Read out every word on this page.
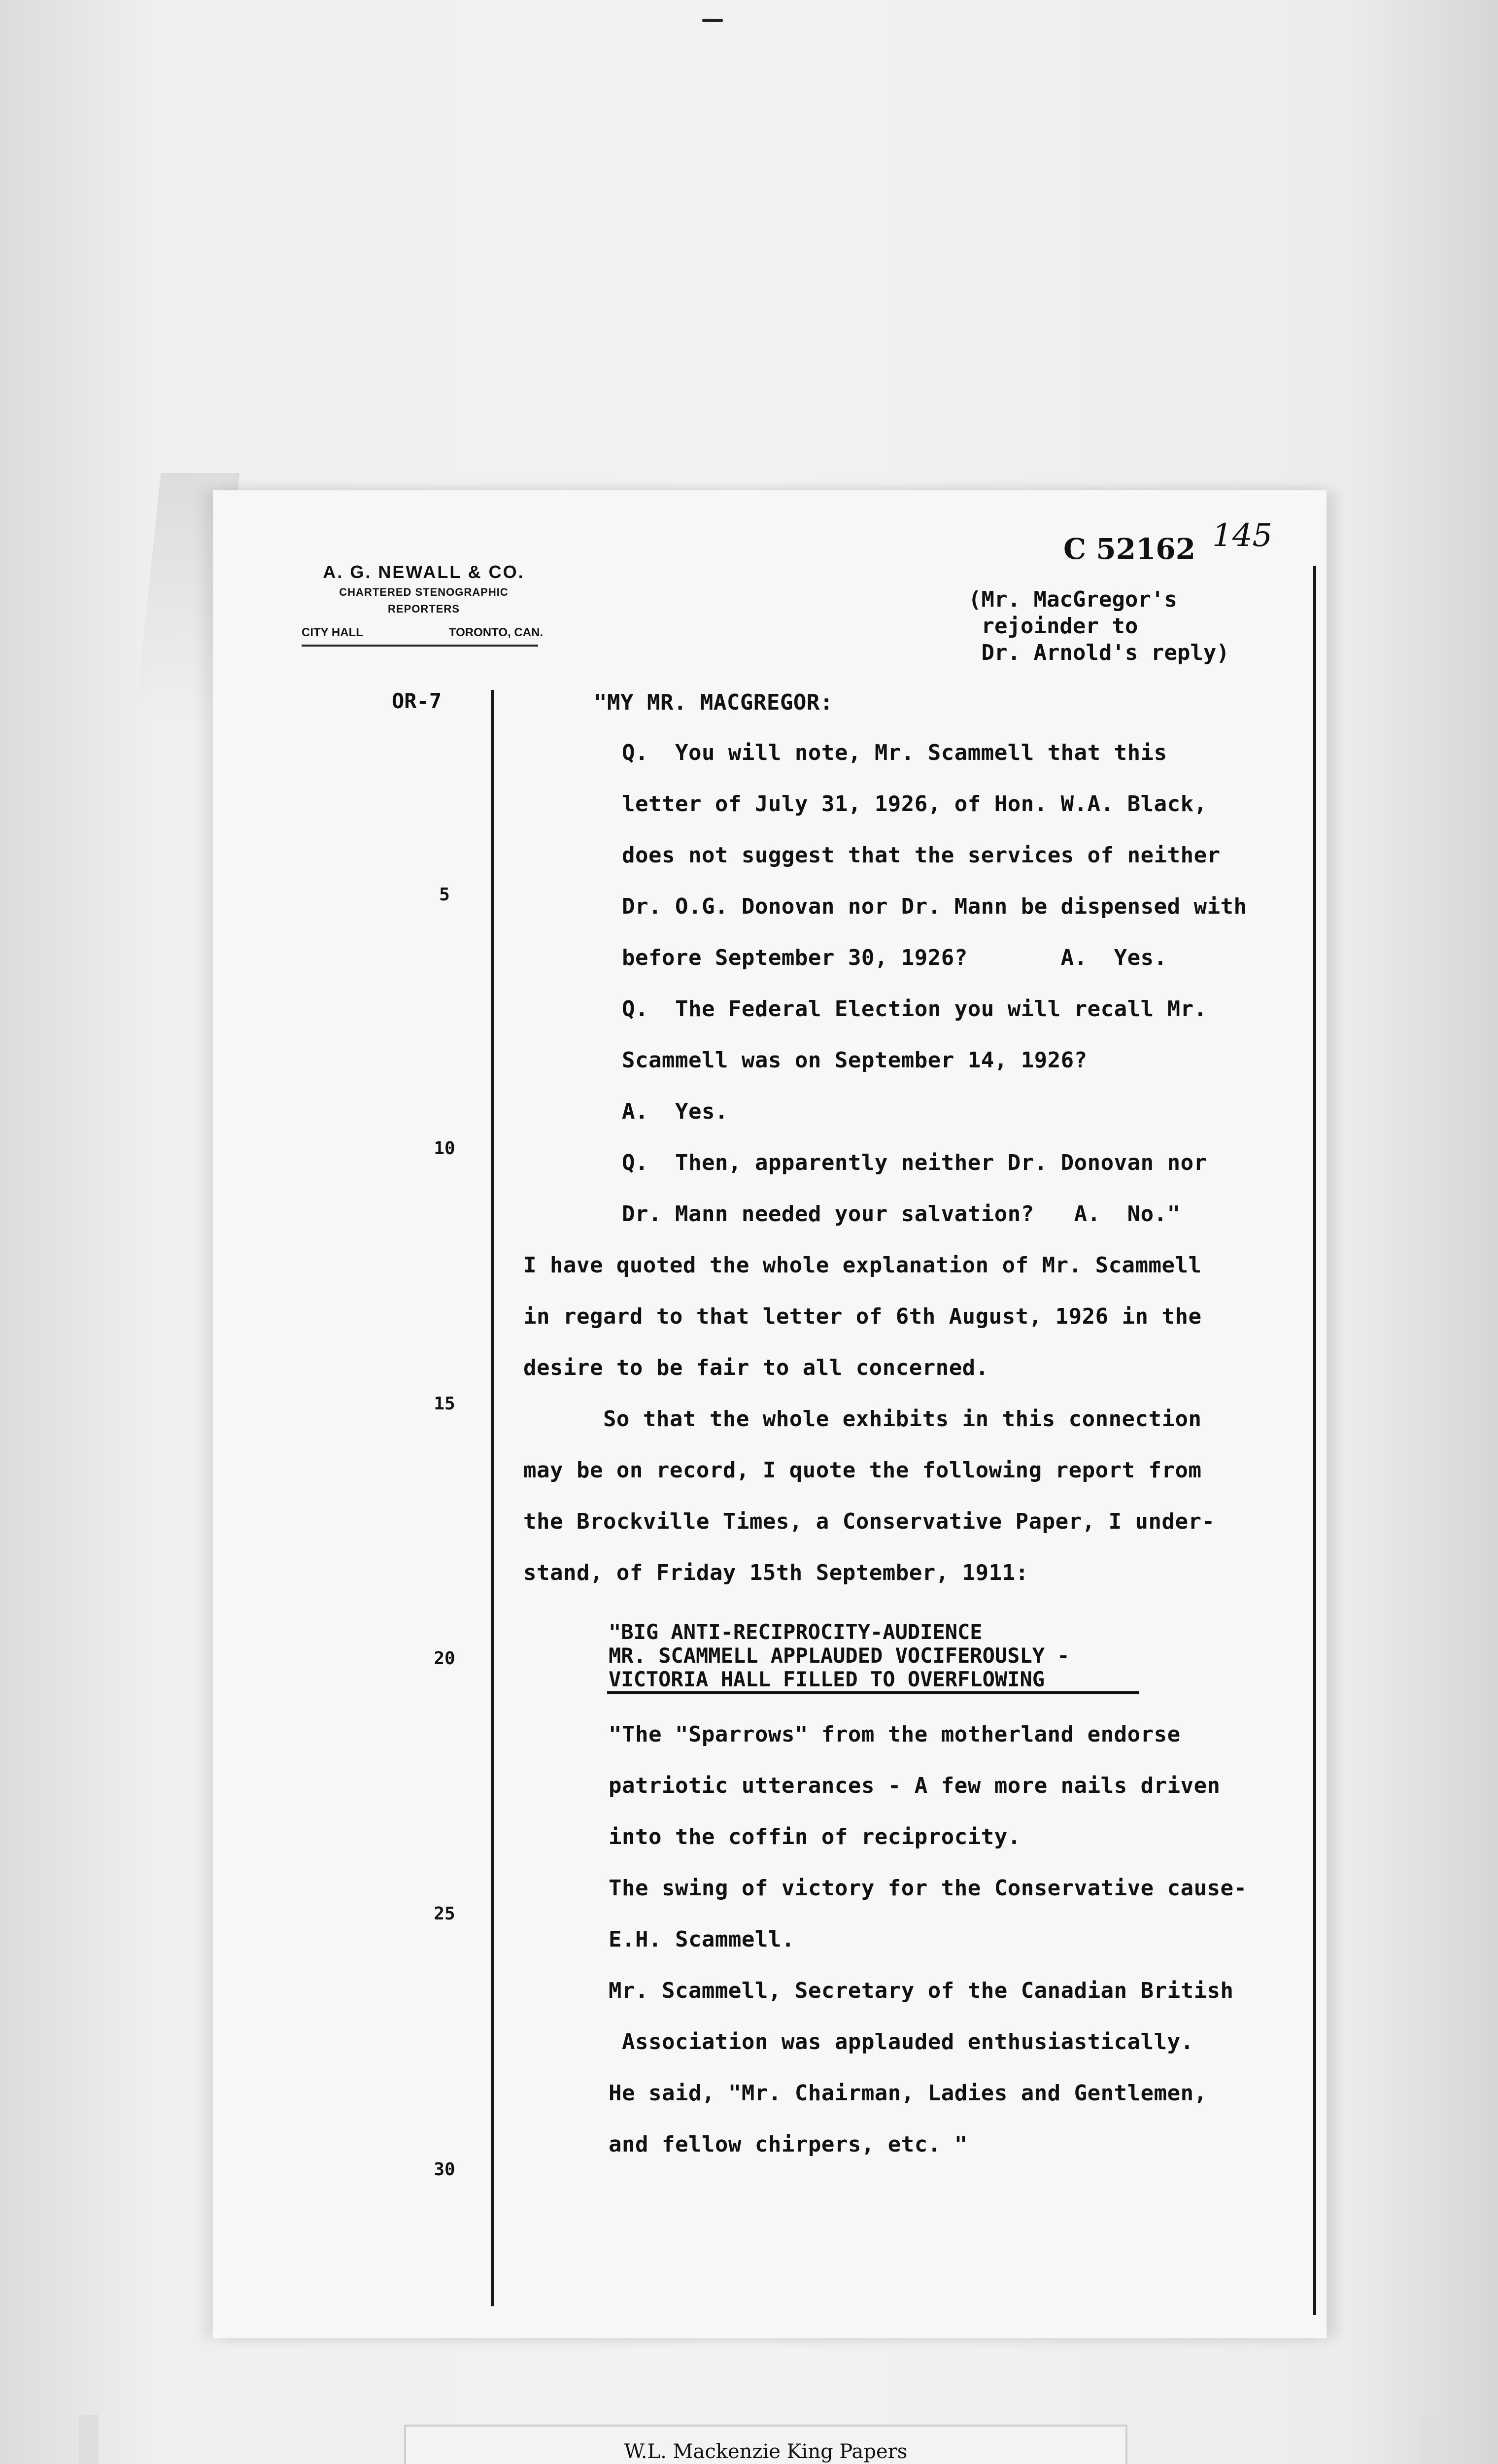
A. G. NEWALL & CO.
CHARTERED STENOGRAPHIC
REPORTERS
CITY HALL	TORONTO, CAN.
C 52162 145
(Mr. MacGregor's
rejoinder to
Dr. Arnold's reply)
OR-7
5
10
15
20
25
30
"MY MR. MACGREGOR:
Q.  You will note, Mr. Scammell that this
letter of July 31, 1926, of Hon. W.A. Black,
does not suggest that the services of neither
Dr. O.G. Donovan nor Dr. Mann be dispensed with
before September 30, 1926?       A.  Yes.
Q.  The Federal Election you will recall Mr.
Scammell was on September 14, 1926?
A.  Yes.
Q.  Then, apparently neither Dr. Donovan nor
Dr. Mann needed your salvation?   A.  No."
I have quoted the whole explanation of Mr. Scammell
in regard to that letter of 6th August, 1926 in the
desire to be fair to all concerned.
So that the whole exhibits in this connection
may be on record, I quote the following report from
the Brockville Times, a Conservative Paper, I under-
stand, of Friday 15th September, 1911:
"BIG ANTI-RECIPROCITY-AUDIENCE
MR. SCAMMELL APPLAUDED VOCIFEROUSLY -
VICTORIA HALL FILLED TO OVERFLOWING
"The "Sparrows" from the motherland endorse
patriotic utterances - A few more nails driven
into the coffin of reciprocity.
The swing of victory for the Conservative cause-
E.H. Scammell.
Mr. Scammell, Secretary of the Canadian British
Association was applauded enthusiastically.
He said, "Mr. Chairman, Ladies and Gentlemen,
and fellow chirpers, etc. "
W.L. Mackenzie King Papers
